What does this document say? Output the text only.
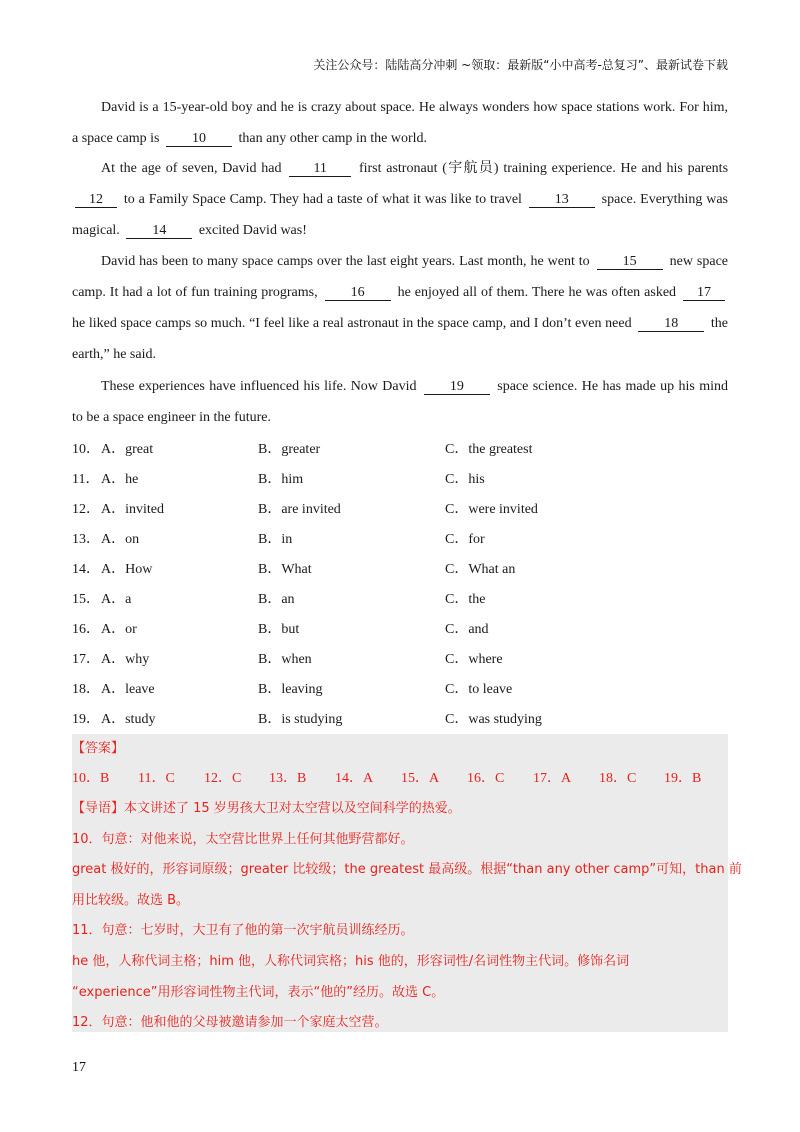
关注公众号：陆陆高分冲刺 ~领取：最新版“小中高考-总复习”、最新试卷下载
David is a 15-year-old boy and he is crazy about space. He always wonders how space stations work. For him, a space camp is 10 than any other camp in the world.
At the age of seven, David had 11 first astronaut (宇航员) training experience. He and his parents 12 to a Family Space Camp. They had a taste of what it was like to travel 13 space. Everything was magical. 14 excited David was!
David has been to many space camps over the last eight years. Last month, he went to 15 new space camp. It had a lot of fun training programs, 16 he enjoyed all of them. There he was often asked 17 he liked space camps so much. “I feel like a real astronaut in the space camp, and I don’t even need 18 the earth,” he said.
These experiences have influenced his life. Now David 19 space science. He has made up his mind to be a space engineer in the future.
10． A．great	B．greater	C．the greatest
11． A．he	B．him	C．his
12． A．invited	B．are invited	C．were invited
13． A．on	B．in	C．for
14． A．How	B．What	C．What an
15． A．a	B．an	C．the
16． A．or	B．but	C．and
17． A．why	B．when	C．where
18． A．leave	B．leaving	C．to leave
19． A．study	B．is studying	C．was studying
【答案】
10．B 11．C 12．C 13．B 14．A 15．A 16．C 17．A 18．C 19．B
【导语】本文讲述了 15 岁男孩大卫对太空营以及空间科学的热爱。
10．句意：对他来说，太空营比世界上任何其他野营都好。
great 极好的，形容词原级；greater 比较级；the greatest 最高级。根据“than any other camp”可知，than 前
用比较级。故选 B。
11．句意：七岁时，大卫有了他的第一次宇航员训练经历。
he 他，人称代词主格；him 他，人称代词宾格；his 他的，形容词性/名词性物主代词。修饰名词
“experience”用形容词性物主代词，表示“他的”经历。故选 C。
12．句意：他和他的父母被邀请参加一个家庭太空营。
17
